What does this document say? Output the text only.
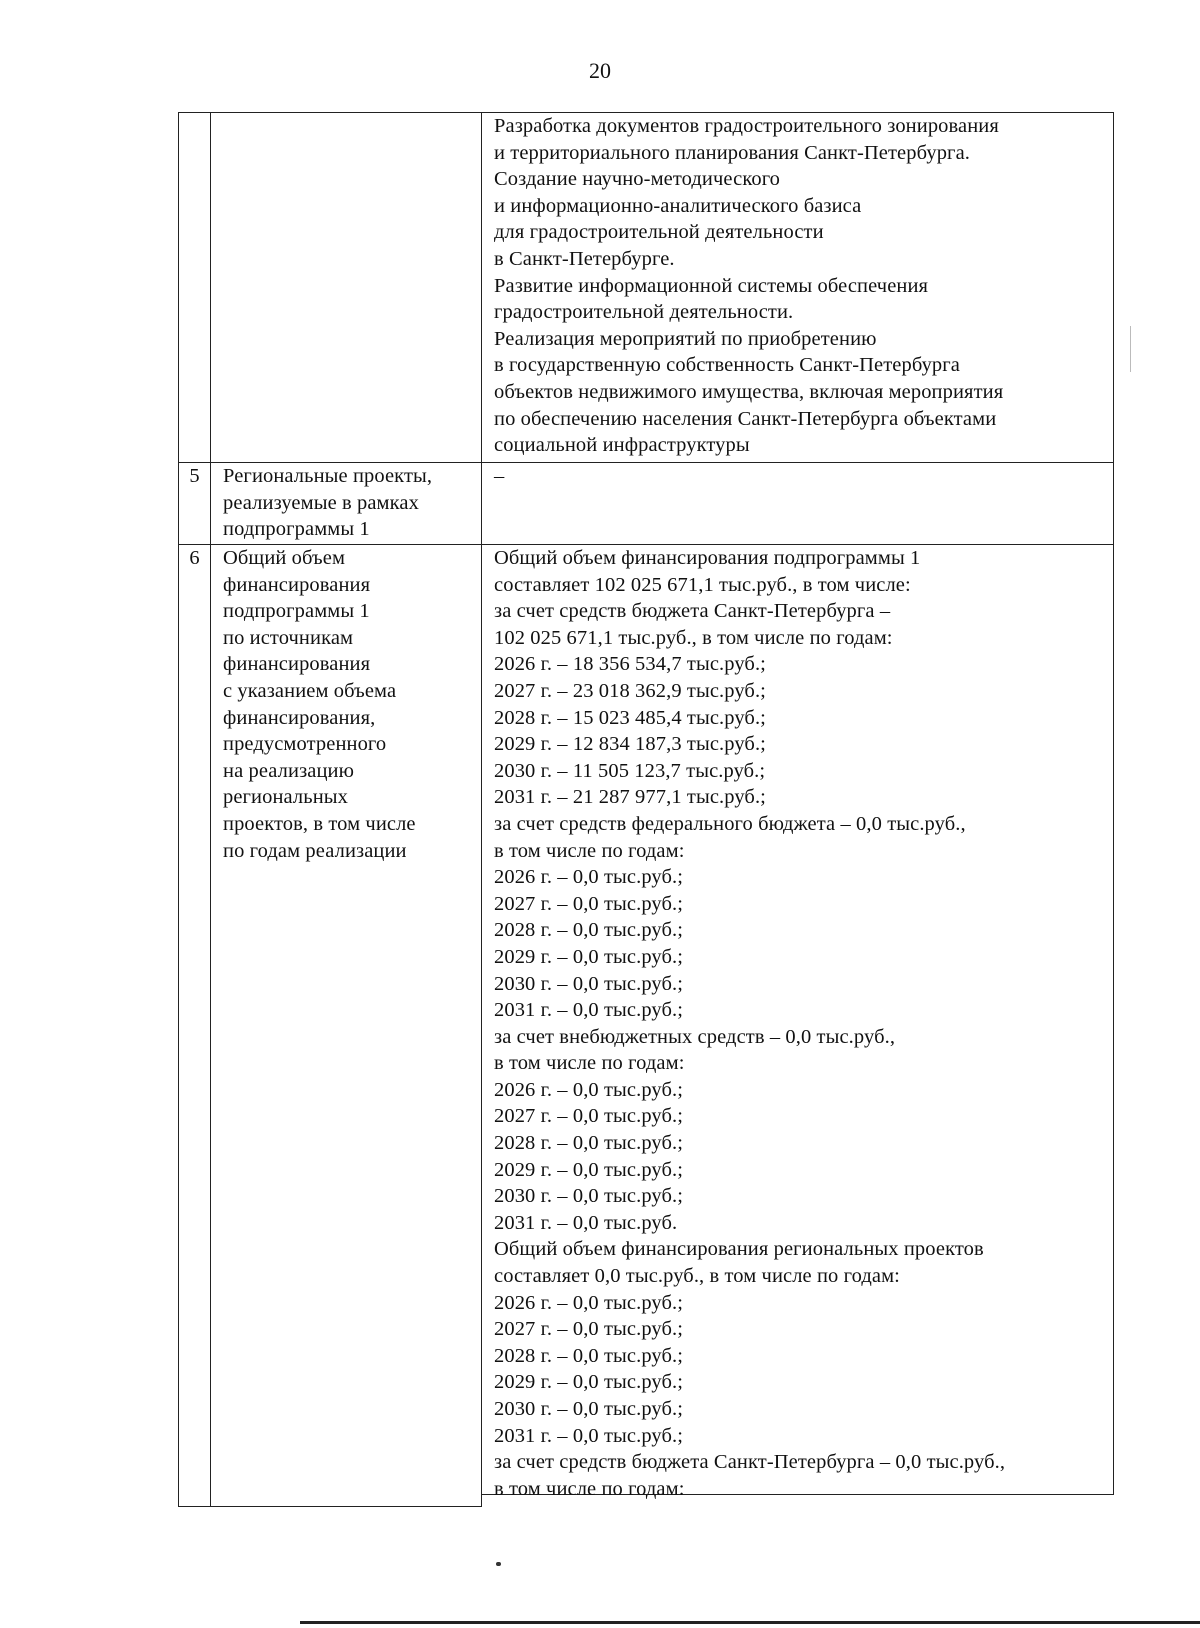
20
Разработка документов градостроительного зонирования
и территориального планирования Санкт-Петербурга.
Создание научно-методического
и информационно-аналитического базиса
для градостроительной деятельности
в Санкт-Петербурге.
Развитие информационной системы обеспечения
градостроительной деятельности.
Реализация мероприятий по приобретению
в государственную собственность Санкт-Петербурга
объектов недвижимого имущества, включая мероприятия
по обеспечению населения Санкт-Петербурга объектами
социальной инфраструктуры
5	Региональные проекты,
реализуемые в рамках
подпрограммы 1
–
6	Общий объем
финансирования
подпрограммы 1
по источникам
финансирования
с указанием объема
финансирования,
предусмотренного
на реализацию
региональных
проектов, в том числе
по годам реализации
Общий объем финансирования подпрограммы 1
составляет 102 025 671,1 тыс.руб., в том числе:
за счет средств бюджета Санкт-Петербурга –
102 025 671,1 тыс.руб., в том числе по годам:
2026 г. – 18 356 534,7 тыс.руб.;
2027 г. – 23 018 362,9 тыс.руб.;
2028 г. – 15 023 485,4 тыс.руб.;
2029 г. – 12 834 187,3 тыс.руб.;
2030 г. – 11 505 123,7 тыс.руб.;
2031 г. – 21 287 977,1 тыс.руб.;
за счет средств федерального бюджета – 0,0 тыс.руб.,
в том числе по годам:
2026 г. – 0,0 тыс.руб.;
2027 г. – 0,0 тыс.руб.;
2028 г. – 0,0 тыс.руб.;
2029 г. – 0,0 тыс.руб.;
2030 г. – 0,0 тыс.руб.;
2031 г. – 0,0 тыс.руб.;
за счет внебюджетных средств – 0,0 тыс.руб.,
в том числе по годам:
2026 г. – 0,0 тыс.руб.;
2027 г. – 0,0 тыс.руб.;
2028 г. – 0,0 тыс.руб.;
2029 г. – 0,0 тыс.руб.;
2030 г. – 0,0 тыс.руб.;
2031 г. – 0,0 тыс.руб.
Общий объем финансирования региональных проектов
составляет 0,0 тыс.руб., в том числе по годам:
2026 г. – 0,0 тыс.руб.;
2027 г. – 0,0 тыс.руб.;
2028 г. – 0,0 тыс.руб.;
2029 г. – 0,0 тыс.руб.;
2030 г. – 0,0 тыс.руб.;
2031 г. – 0,0 тыс.руб.;
за счет средств бюджета Санкт-Петербурга – 0,0 тыс.руб.,
в том числе по годам:
